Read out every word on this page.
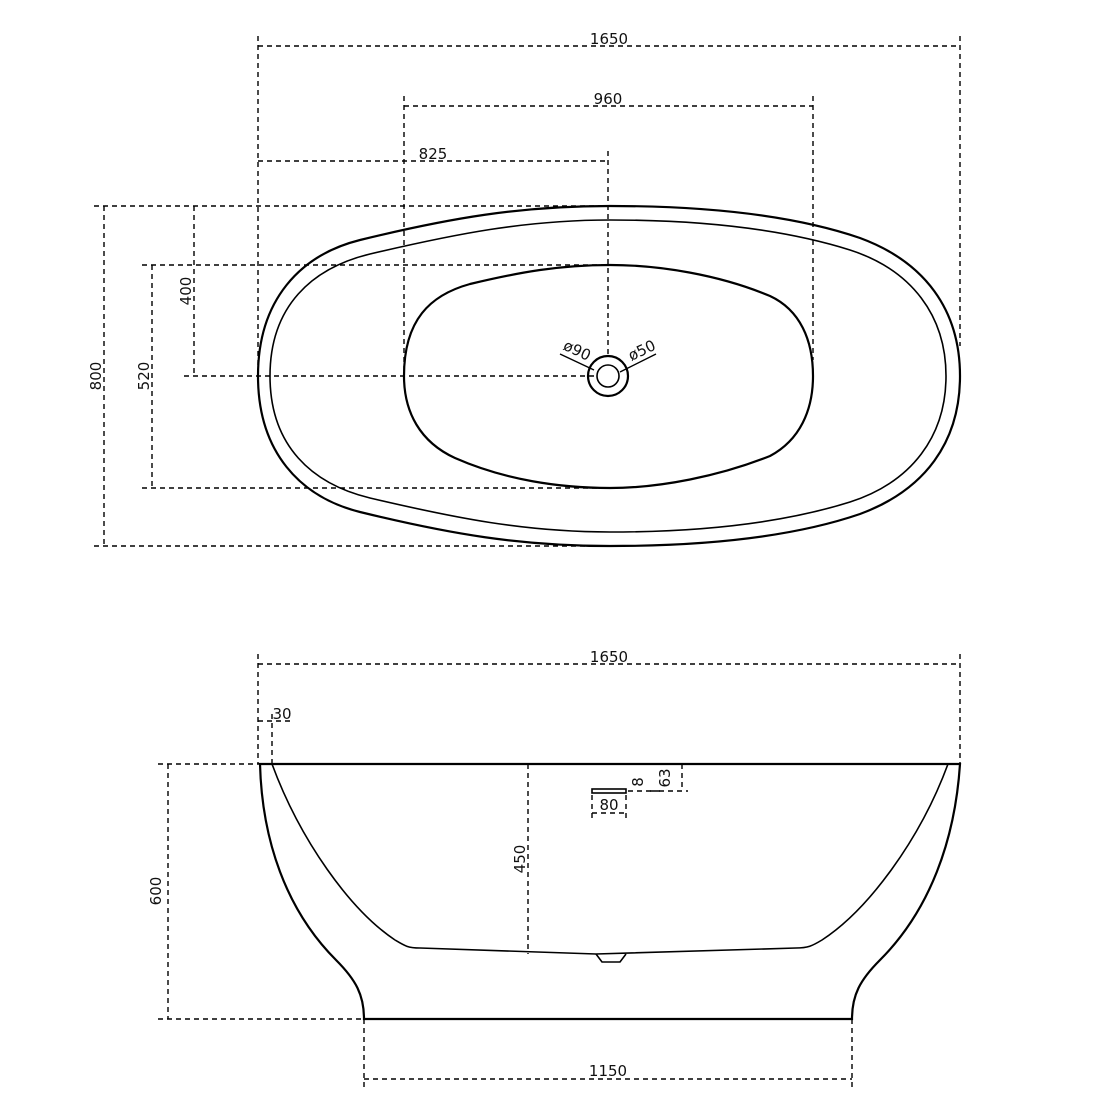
1650
960
825
800 520
400
ø90 ø50
1650
30
600
450
80
8 63
1150
